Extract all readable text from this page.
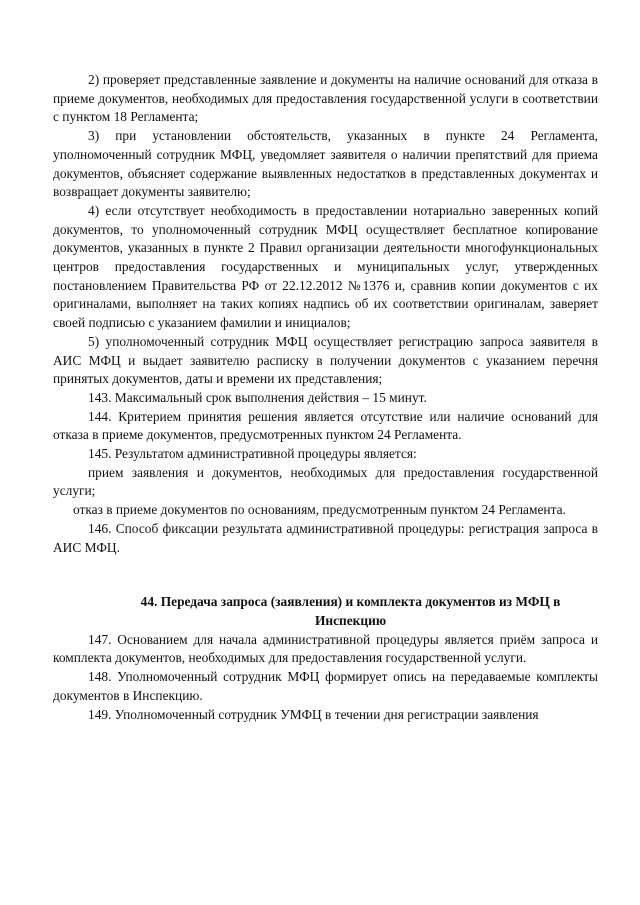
2) проверяет представленные заявление и документы на наличие оснований для отказа в приеме документов, необходимых для предоставления государственной услуги в соответствии с пунктом 18 Регламента;

3) при установлении обстоятельств, указанных в пункте 24 Регламента, уполномоченный сотрудник МФЦ, уведомляет заявителя о наличии препятствий для приема документов, объясняет содержание выявленных недостатков в представленных документах и возвращает документы заявителю;

4) если отсутствует необходимость в предоставлении нотариально заверенных копий документов, то уполномоченный сотрудник МФЦ осуществляет бесплатное копирование документов, указанных в пункте 2 Правил организации деятельности многофункциональных центров предоставления государственных и муниципальных услуг, утвержденных постановлением Правительства РФ от 22.12.2012 №1376 и, сравнив копии документов с их оригиналами, выполняет на таких копиях надпись об их соответствии оригиналам, заверяет своей подписью с указанием фамилии и инициалов;

5) уполномоченный сотрудник МФЦ осуществляет регистрацию запроса заявителя в АИС МФЦ и выдает заявителю расписку в получении документов с указанием перечня принятых документов, даты и времени их представления;

143. Максимальный срок выполнения действия – 15 минут.

144. Критерием принятия решения является отсутствие или наличие оснований для отказа в приеме документов, предусмотренных пунктом 24 Регламента.

145. Результатом административной процедуры является:

прием заявления и документов, необходимых для предоставления государственной услуги;

отказ в приеме документов по основаниям, предусмотренным пунктом 24 Регламента.

146. Способ фиксации результата административной процедуры: регистрация запроса в АИС МФЦ.

44. Передача запроса (заявления) и комплекта документов из МФЦ в Инспекцию

147. Основанием для начала административной процедуры является приём запроса и комплекта документов, необходимых для предоставления государственной услуги.

148. Уполномоченный сотрудник МФЦ формирует опись на передаваемые комплекты документов в Инспекцию.

149. Уполномоченный сотрудник УМФЦ в течении дня регистрации заявления
